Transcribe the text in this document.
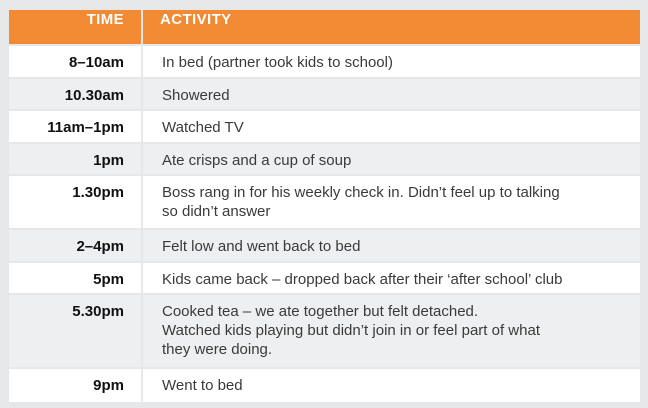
TIME	ACTIVITY
8–10am	In bed (partner took kids to school)
10.30am	Showered
11am–1pm	Watched TV
1pm	Ate crisps and a cup of soup
1.30pm	Boss rang in for his weekly check in. Didn’t feel up to talking
so didn’t answer
2–4pm	Felt low and went back to bed
5pm	Kids came back – dropped back after their ‘after school’ club
5.30pm	Cooked tea – we ate together but felt detached.
Watched kids playing but didn’t join in or feel part of what
they were doing.
9pm	Went to bed
